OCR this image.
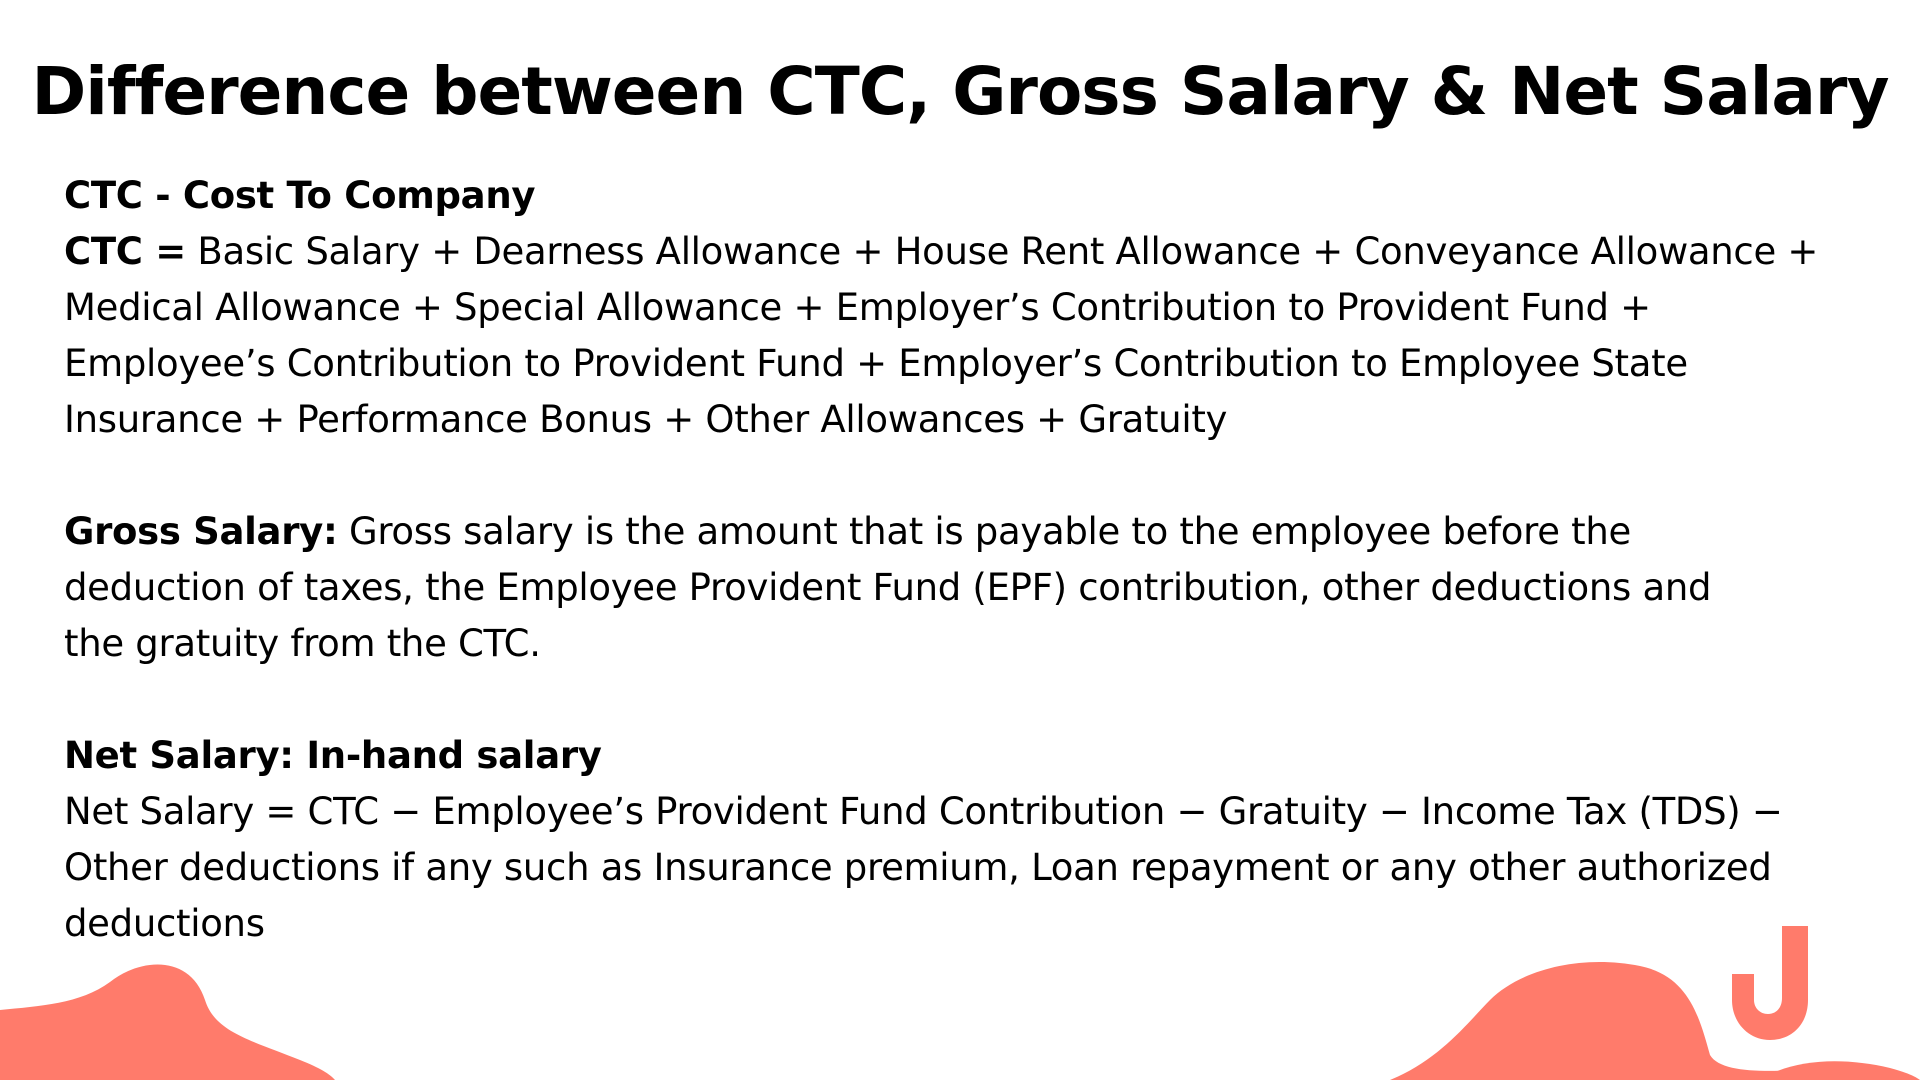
Difference between CTC, Gross Salary & Net Salary

CTC - Cost To Company

CTC = Basic Salary + Dearness Allowance + House Rent Allowance + Conveyance Allowance +

Medical Allowance + Special Allowance + Employer’s Contribution to Provident Fund +

Employee’s Contribution to Provident Fund + Employer’s Contribution to Employee State

Insurance + Performance Bonus + Other Allowances + Gratuity

Gross Salary: Gross salary is the amount that is payable to the employee before the

deduction of taxes, the Employee Provident Fund (EPF) contribution, other deductions and

the gratuity from the CTC.

Net Salary: In-hand salary

Net Salary = CTC − Employee’s Provident Fund Contribution − Gratuity − Income Tax (TDS) −

Other deductions if any such as Insurance premium, Loan repayment or any other authorized

deductions
